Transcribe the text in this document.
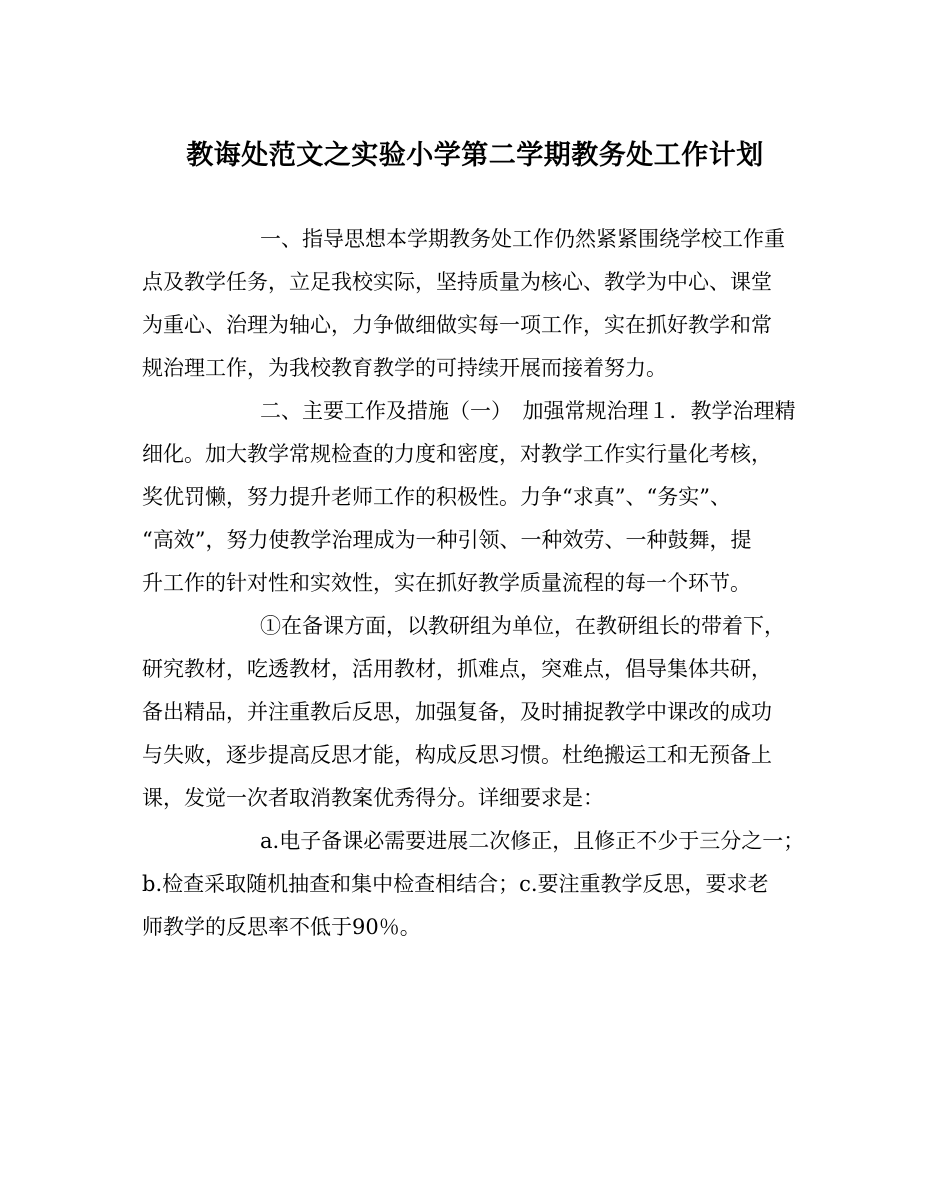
教诲处范文之实验小学第二学期教务处工作计划
一、指导思想本学期教务处工作仍然紧紧围绕学校工作重
点及教学任务，立足我校实际，坚持质量为核心、教学为中心、课堂
为重心、治理为轴心，力争做细做实每一项工作，实在抓好教学和常
规治理工作，为我校教育教学的可持续开展而接着努力。
二、主要工作及措施（一）　加强常规治理１．教学治理精
细化。加大教学常规检查的力度和密度，对教学工作实行量化考核，
奖优罚懒，努力提升老师工作的积极性。力争“求真”、“务实”、
“高效”，努力使教学治理成为一种引领、一种效劳、一种鼓舞，提
升工作的针对性和实效性，实在抓好教学质量流程的每一个环节。
①在备课方面，以教研组为单位，在教研组长的带着下，
研究教材，吃透教材，活用教材，抓难点，突难点，倡导集体共研，
备出精品，并注重教后反思，加强复备，及时捕捉教学中课改的成功
与失败，逐步提高反思才能，构成反思习惯。杜绝搬运工和无预备上
课，发觉一次者取消教案优秀得分。详细要求是：
a.电子备课必需要进展二次修正，且修正不少于三分之一；
b.检查采取随机抽查和集中检查相结合；c.要注重教学反思，要求老
师教学的反思率不低于90％。
